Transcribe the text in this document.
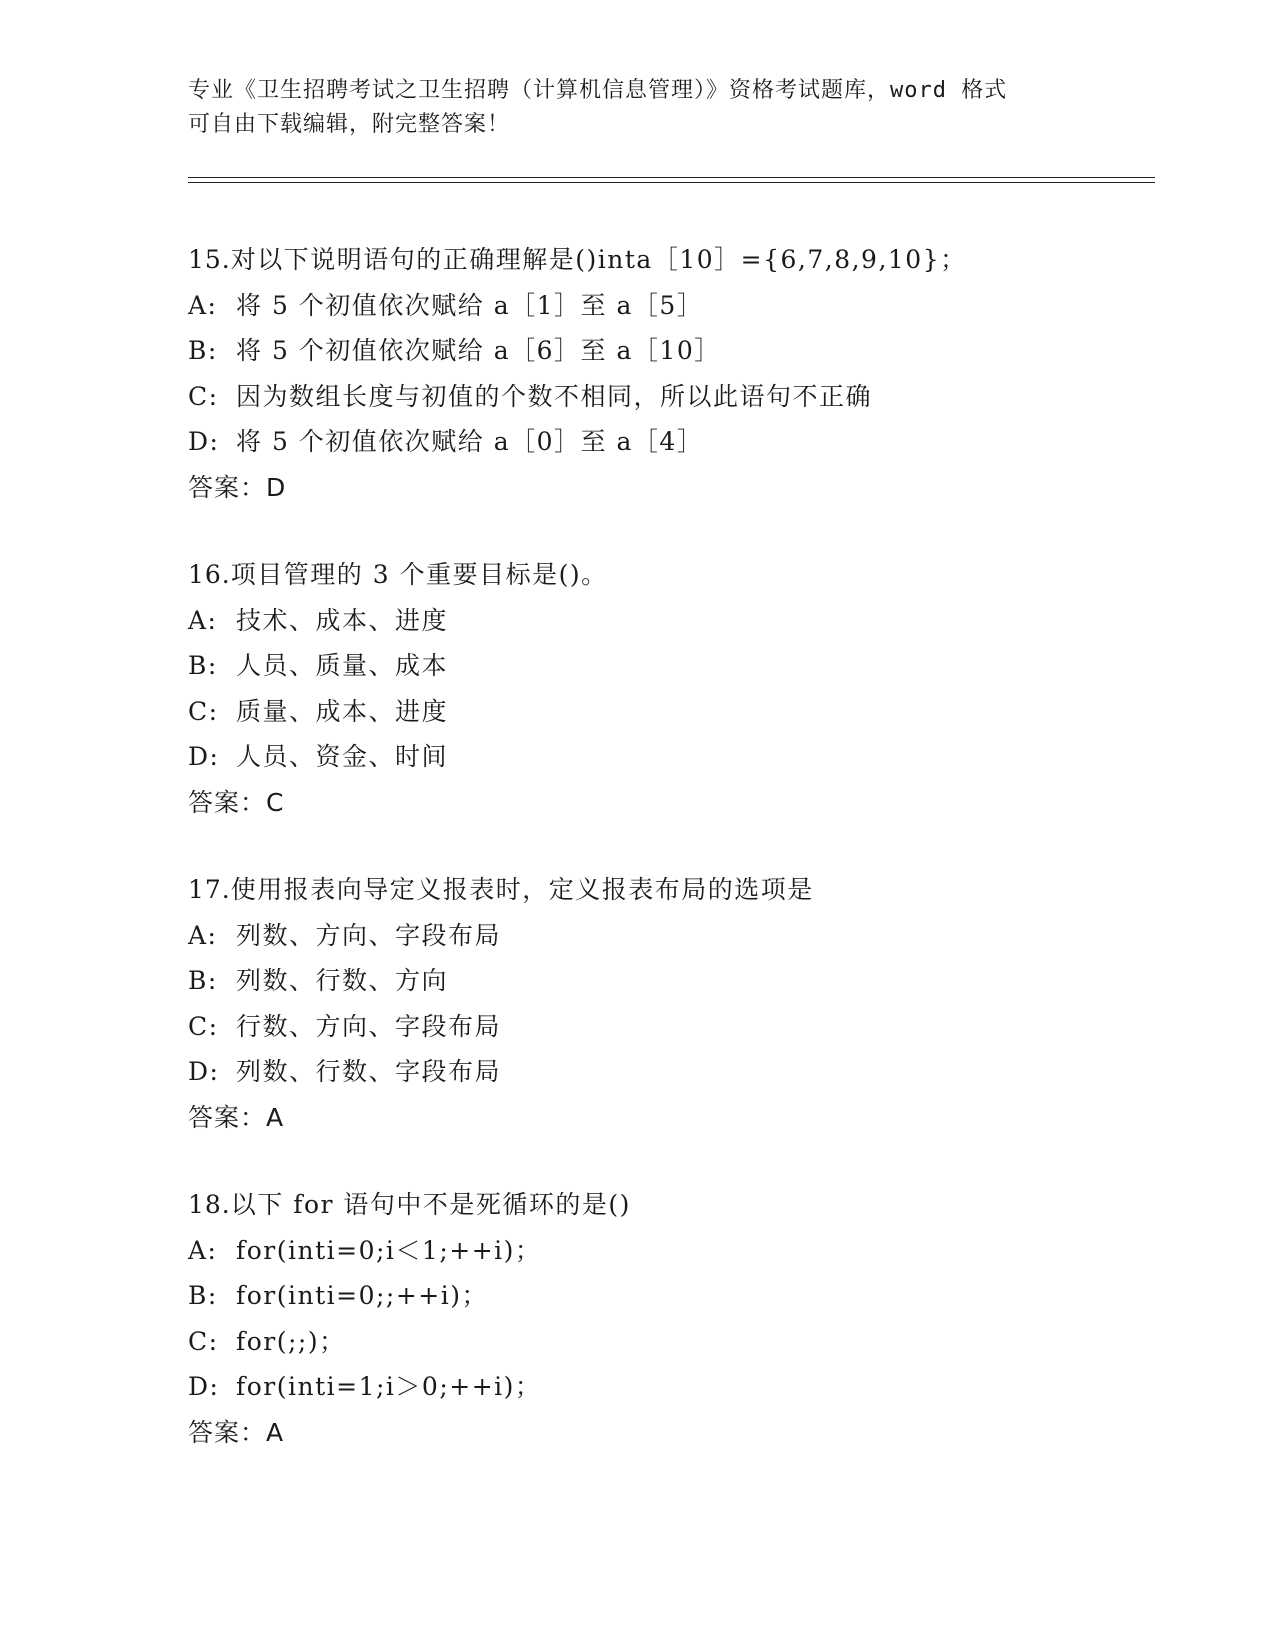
专业《卫生招聘考试之卫生招聘（计算机信息管理）》资格考试题库，word 格式
可自由下载编辑，附完整答案！
15.对以下说明语句的正确理解是()inta［10］={6,7,8,9,10}；
A: 将 5 个初值依次赋给 a［1］至 a［5］
B: 将 5 个初值依次赋给 a［6］至 a［10］
C: 因为数组长度与初值的个数不相同，所以此语句不正确
D: 将 5 个初值依次赋给 a［0］至 a［4］
答案：D
16.项目管理的 3 个重要目标是()。
A: 技术、成本、进度
B: 人员、质量、成本
C: 质量、成本、进度
D: 人员、资金、时间
答案：C
17.使用报表向导定义报表时，定义报表布局的选项是
A: 列数、方向、字段布局
B: 列数、行数、方向
C: 行数、方向、字段布局
D: 列数、行数、字段布局
答案：A
18.以下 for 语句中不是死循环的是()
A: for(inti=0;i＜1;++i)；
B: for(inti=0;;++i)；
C: for(;;)；
D: for(inti=1;i＞0;++i)；
答案：A
